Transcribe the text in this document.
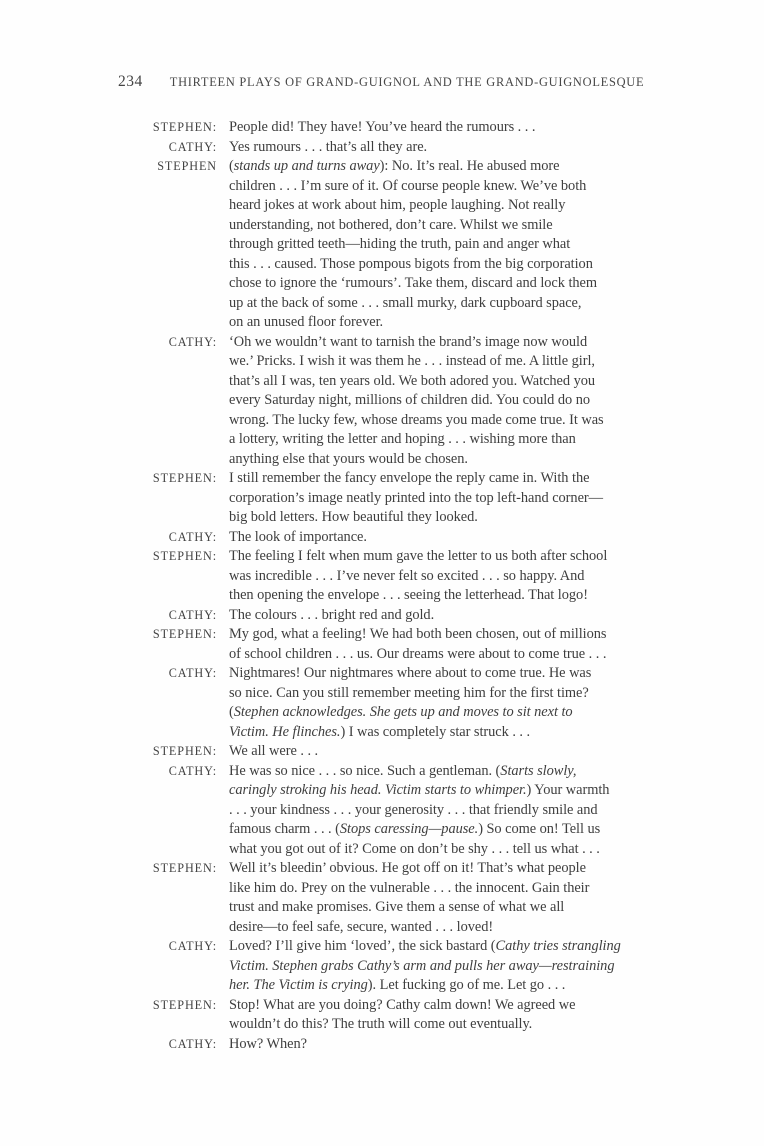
234 THIRTEEN PLAYS OF GRAND-GUIGNOL AND THE GRAND-GUIGNOLESQUE
STEPHEN: People did! They have! You’ve heard the rumours . . .
CATHY: Yes rumours . . . that’s all they are.
STEPHEN (stands up and turns away): No. It’s real. He abused more
children . . . I’m sure of it. Of course people knew. We’ve both
heard jokes at work about him, people laughing. Not really
understanding, not bothered, don’t care. Whilst we smile
through gritted teeth—hiding the truth, pain and anger what
this . . . caused. Those pompous bigots from the big corporation
chose to ignore the ‘rumours’. Take them, discard and lock them
up at the back of some . . . small murky, dark cupboard space,
on an unused floor forever.
CATHY: ‘Oh we wouldn’t want to tarnish the brand’s image now would
we.’ Pricks. I wish it was them he . . . instead of me. A little girl,
that’s all I was, ten years old. We both adored you. Watched you
every Saturday night, millions of children did. You could do no
wrong. The lucky few, whose dreams you made come true. It was
a lottery, writing the letter and hoping . . . wishing more than
anything else that yours would be chosen.
STEPHEN: I still remember the fancy envelope the reply came in. With the
corporation’s image neatly printed into the top left-hand corner—
big bold letters. How beautiful they looked.
CATHY: The look of importance.
STEPHEN: The feeling I felt when mum gave the letter to us both after school
was incredible . . . I’ve never felt so excited . . . so happy. And
then opening the envelope . . . seeing the letterhead. That logo!
CATHY: The colours . . . bright red and gold.
STEPHEN: My god, what a feeling! We had both been chosen, out of millions
of school children . . . us. Our dreams were about to come true . . .
CATHY: Nightmares! Our nightmares where about to come true. He was
so nice. Can you still remember meeting him for the first time?
(Stephen acknowledges. She gets up and moves to sit next to
Victim. He flinches.) I was completely star struck . . .
STEPHEN: We all were . . .
CATHY: He was so nice . . . so nice. Such a gentleman. (Starts slowly,
caringly stroking his head. Victim starts to whimper.) Your warmth
. . . your kindness . . . your generosity . . . that friendly smile and
famous charm . . . (Stops caressing—pause.) So come on! Tell us
what you got out of it? Come on don’t be shy . . . tell us what . . .
STEPHEN: Well it’s bleedin’ obvious. He got off on it! That’s what people
like him do. Prey on the vulnerable . . . the innocent. Gain their
trust and make promises. Give them a sense of what we all
desire—to feel safe, secure, wanted . . . loved!
CATHY: Loved? I’ll give him ‘loved’, the sick bastard (Cathy tries strangling
Victim. Stephen grabs Cathy’s arm and pulls her away—restraining
her. The Victim is crying). Let fucking go of me. Let go . . .
STEPHEN: Stop! What are you doing? Cathy calm down! We agreed we
wouldn’t do this? The truth will come out eventually.
CATHY: How? When?
